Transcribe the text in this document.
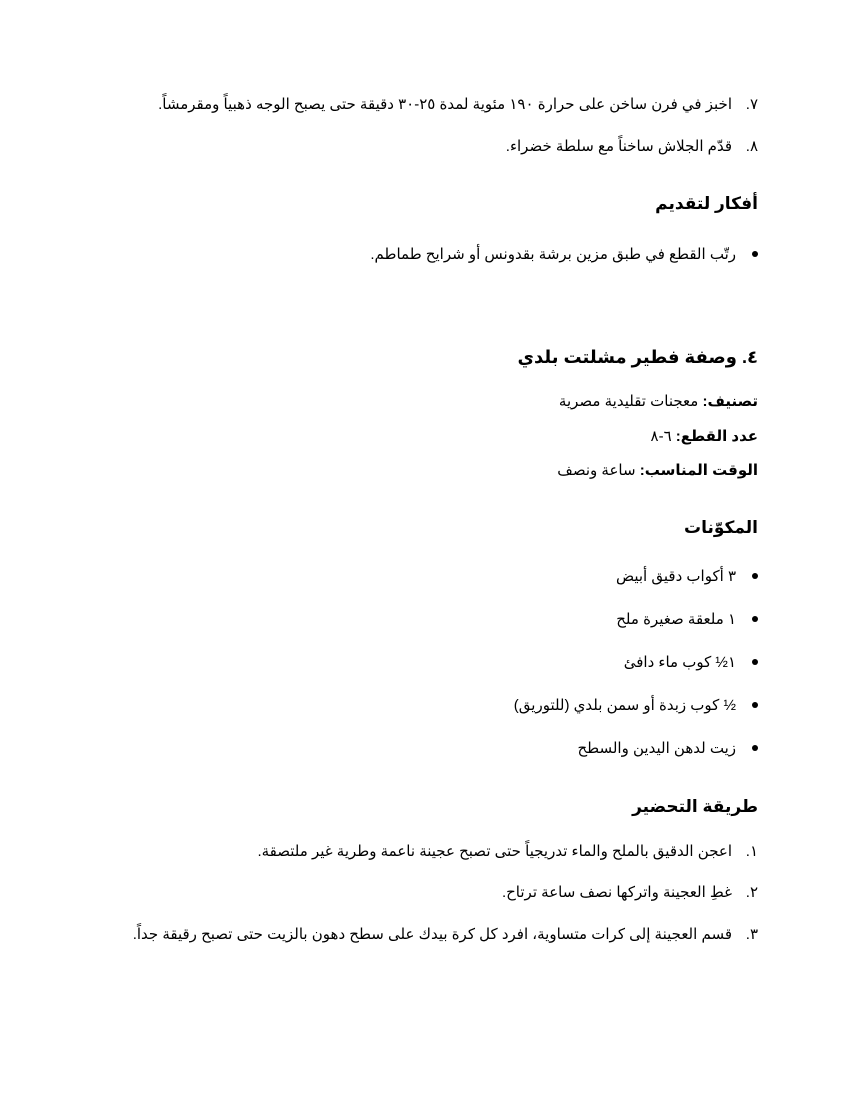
٧.اخبز في فرن ساخن على حرارة ١٩٠ مئوية لمدة ٢٥-٣٠ دقيقة حتى يصبح الوجه ذهبياً ومقرمشاً.
٨.قدّم الجلاش ساخناً مع سلطة خضراء.
أفكار لتقديم
رتّب القطع في طبق مزين برشة بقدونس أو شرايح طماطم.
٤. وصفة فطير مشلتت بلدي
تصنيف: معجنات تقليدية مصرية
عدد القطع: ٦-٨
الوقت المناسب: ساعة ونصف
المكوّنات
٣ أكواب دقيق أبيض
١ ملعقة صغيرة ملح
١½ كوب ماء دافئ
½ كوب زبدة أو سمن بلدي (للتوريق)
زيت لدهن اليدين والسطح
طريقة التحضير
١.اعجن الدقيق بالملح والماء تدريجياً حتى تصبح عجينة ناعمة وطرية غير ملتصقة.
٢.غطِ العجينة واتركها نصف ساعة ترتاح.
٣.قسم العجينة إلى كرات متساوية، افرد كل كرة بيدك على سطح دهون بالزيت حتى تصبح رقيقة جداً.
